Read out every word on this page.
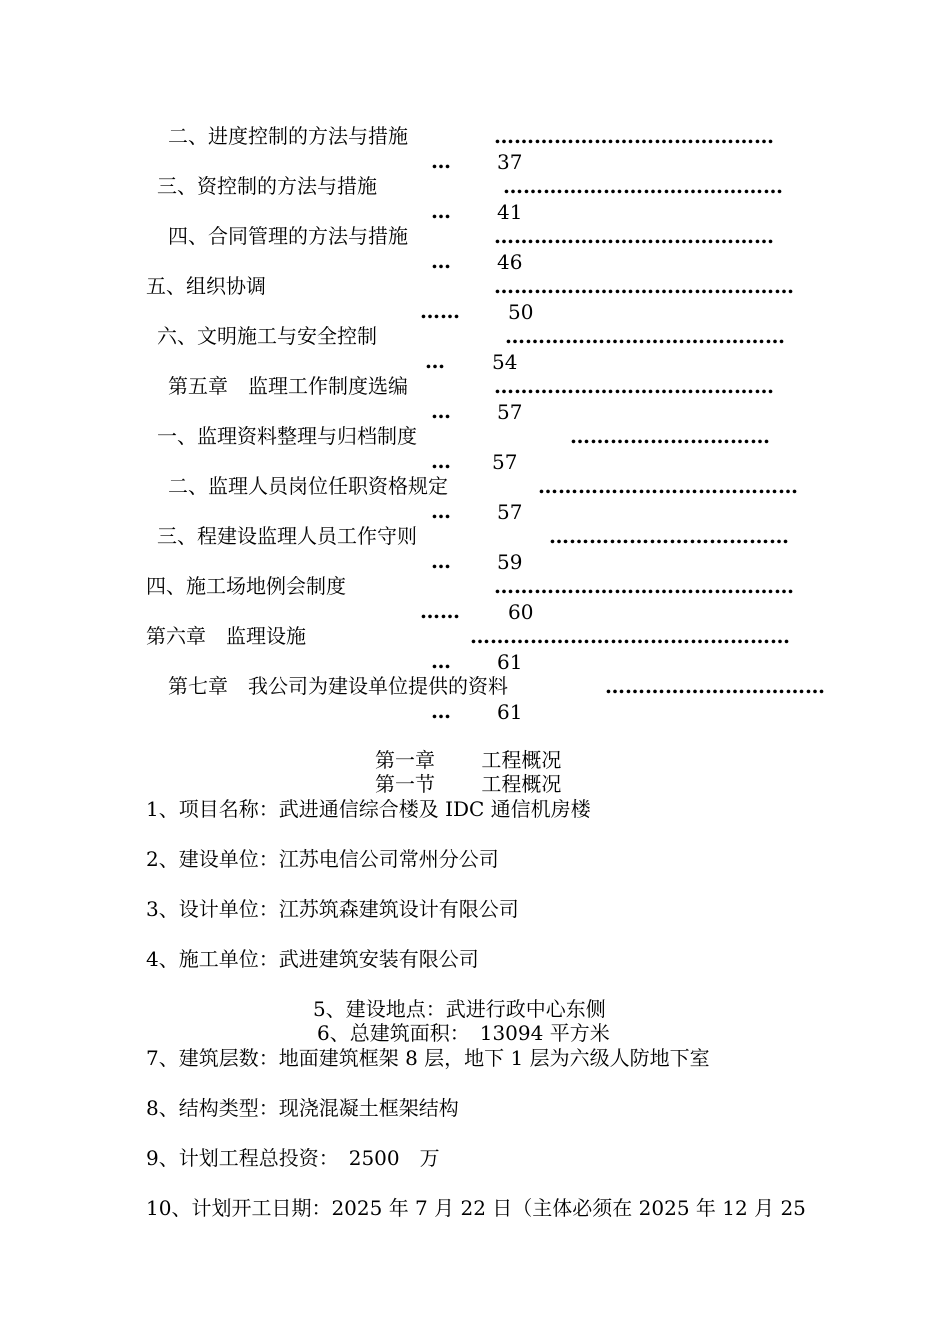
二、进度控制的方法与措施	……………………………………
… 37
三、资控制的方法与措施	……………………………………
… 41
四、合同管理的方法与措施	……………………………………
… 46
五、组织协调	………………………………………
…… 50
六、文明施工与安全控制	……………………………………
… 54
第五章　监理工作制度选编	……………………………………
… 57
一、监理资料整理与归档制度	…………………………
… 57
二、监理人员岗位任职资格规定	…………………………………
… 57
三、程建设监理人员工作守则	………………………………
… 59
四、施工场地例会制度	………………………………………
…… 60
第六章　监理设施	…………………………………………
… 61
第七章　我公司为建设单位提供的资料	……………………………
… 61
第一章　　 工程概况
第一节　　 工程概况
1、项目名称：武进通信综合楼及 IDC 通信机房楼
2、建设单位：江苏电信公司常州分公司
3、设计单位：江苏筑森建筑设计有限公司
4、施工单位：武进建筑安装有限公司
5、建设地点：武进行政中心东侧
6、总建筑面积：　13094 平方米
7、建筑层数：地面建筑框架 8 层，地下 1 层为六级人防地下室
8、结构类型：现浇混凝土框架结构
9、计划工程总投资：　2500　万
10、计划开工日期：2025 年 7 月 22 日（主体必须在 2025 年 12 月 25
